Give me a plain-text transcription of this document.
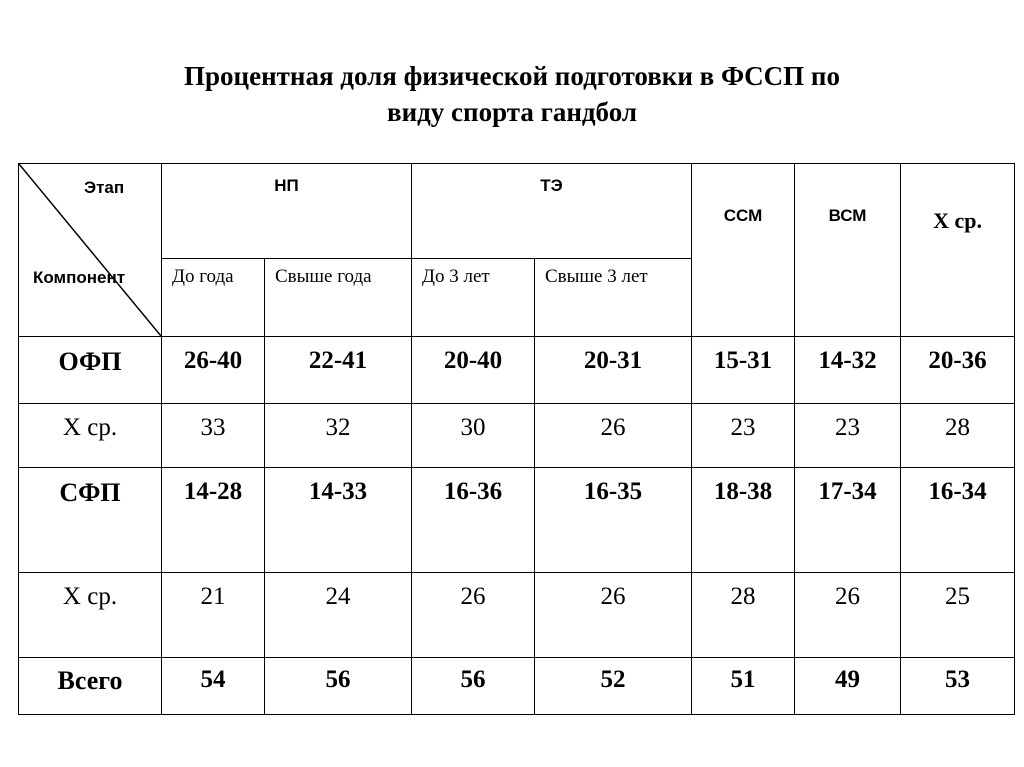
Процентная доля физической подготовки в ФССП по
виду спорта гандбол
Этап
Компонент	НП		ТЭ		ССМ	ВСМ	Х ср.

	До года	Свыше года	До 3 лет	Свыше 3 лет			

ОФП	26-40	22-41	20-40	20-31	15-31	14-32	20-36

Х ср.	33	32	30	26	23	23	28

СФП	14-28	14-33	16-36	16-35	18-38	17-34	16-34

Х ср.	21	24	26	26	28	26	25

Всего	54	56	56	52	51	49	53
